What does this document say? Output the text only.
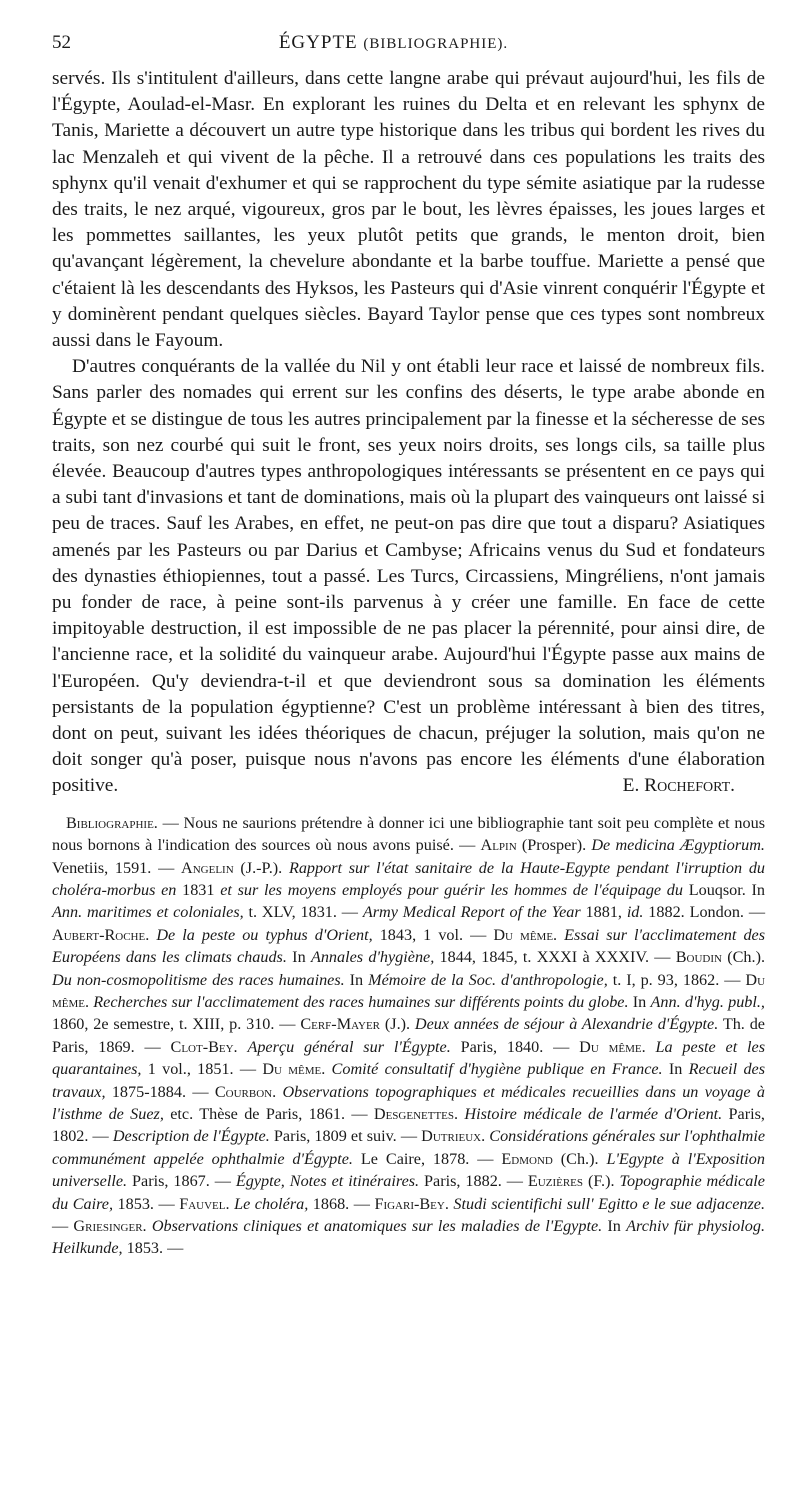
52	ÉGYPTE (BIBLIOGRAPHIE).

servés. Ils s'intitulent d'ailleurs, dans cette langne arabe qui prévaut aujourd'hui, les fils de l'Égypte, Aoulad-el-Masr. En explorant les ruines du Delta et en relevant les sphynx de Tanis, Mariette a découvert un autre type historique dans les tribus qui bordent les rives du lac Menzaleh et qui vivent de la pêche. Il a retrouvé dans ces populations les traits des sphynx qu'il venait d'exhumer et qui se rapprochent du type sémite asiatique par la rudesse des traits, le nez arqué, vigoureux, gros par le bout, les lèvres épaisses, les joues larges et les pommettes saillantes, les yeux plutôt petits que grands, le menton droit, bien qu'avançant légèrement, la chevelure abondante et la barbe touffue. Mariette a pensé que c'étaient là les descendants des Hyksos, les Pasteurs qui d'Asie vinrent conquérir l'Égypte et y dominèrent pendant quelques siècles. Bayard Taylor pense que ces types sont nombreux aussi dans le Fayoum.

D'autres conquérants de la vallée du Nil y ont établi leur race et laissé de nombreux fils. Sans parler des nomades qui errent sur les confins des déserts, le type arabe abonde en Égypte et se distingue de tous les autres principalement par la finesse et la sécheresse de ses traits, son nez courbé qui suit le front, ses yeux noirs droits, ses longs cils, sa taille plus élevée. Beaucoup d'autres types anthropologiques intéressants se présentent en ce pays qui a subi tant d'invasions et tant de dominations, mais où la plupart des vainqueurs ont laissé si peu de traces. Sauf les Arabes, en effet, ne peut-on pas dire que tout a disparu? Asiatiques amenés par les Pasteurs ou par Darius et Cambyse; Africains venus du Sud et fondateurs des dynasties éthiopiennes, tout a passé. Les Turcs, Circassiens, Mingréliens, n'ont jamais pu fonder de race, à peine sont-ils parvenus à y créer une famille. En face de cette impitoyable destruction, il est impossible de ne pas placer la pérennité, pour ainsi dire, de l'ancienne race, et la solidité du vainqueur arabe. Aujourd'hui l'Égypte passe aux mains de l'Européen. Qu'y deviendra-t-il et que deviendront sous sa domination les éléments persistants de la population égyptienne? C'est un problème intéressant à bien des titres, dont on peut, suivant les idées théoriques de chacun, préjuger la solution, mais qu'on ne doit songer qu'à poser, puisque nous n'avons pas encore les éléments d'une élaboration positive.	E. Rochefort.

Bibliographie. — Nous ne saurions prétendre à donner ici une bibliographie tant soit peu complète et nous nous bornons à l'indication des sources où nous avons puisé. — Alpin (Prosper). De medicina Ægyptiorum. Venetiis, 1591. — Angelin (J.-P.). Rapport sur l'état sanitaire de la Haute-Egypte pendant l'irruption du choléra-morbus en 1831 et sur les moyens employés pour guérir les hommes de l'équipage du Louqsor. In Ann. maritimes et coloniales, t. XLV, 1831. — Army Medical Report of the Year 1881, id. 1882. London. — Aubert-Roche. De la peste ou typhus d'Orient, 1843, 1 vol. — Du même. Essai sur l'acclimatement des Européens dans les climats chauds. In Annales d'hygiène, 1844, 1845, t. XXXI à XXXIV. — Boudin (Ch.). Du non-cosmopolitisme des races humaines. In Mémoire de la Soc. d'anthropologie, t. I, p. 93, 1862. — Du même. Recherches sur l'acclimatement des races humaines sur différents points du globe. In Ann. d'hyg. publ., 1860, 2e semestre, t. XIII, p. 310. — Cerf-Mayer (J.). Deux années de séjour à Alexandrie d'Égypte. Th. de Paris, 1869. — Clot-Bey. Aperçu général sur l'Égypte. Paris, 1840. — Du même. La peste et les quarantaines, 1 vol., 1851. — Du même. Comité consultatif d'hygiène publique en France. In Recueil des travaux, 1875-1884. — Courbon. Observations topographiques et médicales recueillies dans un voyage à l'isthme de Suez, etc. Thèse de Paris, 1861. — Desgenettes. Histoire médicale de l'armée d'Orient. Paris, 1802. — Description de l'Égypte. Paris, 1809 et suiv. — Dutrieux. Considérations générales sur l'ophthalmie communément appelée ophthalmie d'Égypte. Le Caire, 1878. — Edmond (Ch.). L'Egypte à l'Exposition universelle. Paris, 1867. — Égypte, Notes et itinéraires. Paris, 1882. — Euzières (F.). Topographie médicale du Caire, 1853. — Fauvel. Le choléra, 1868. — Figari-Bey. Studi scientifichi sull' Egitto e le sue adjacenze. — Griesinger. Observations cliniques et anatomiques sur les maladies de l'Egypte. In Archiv für physiolog. Heilkunde, 1853. —
